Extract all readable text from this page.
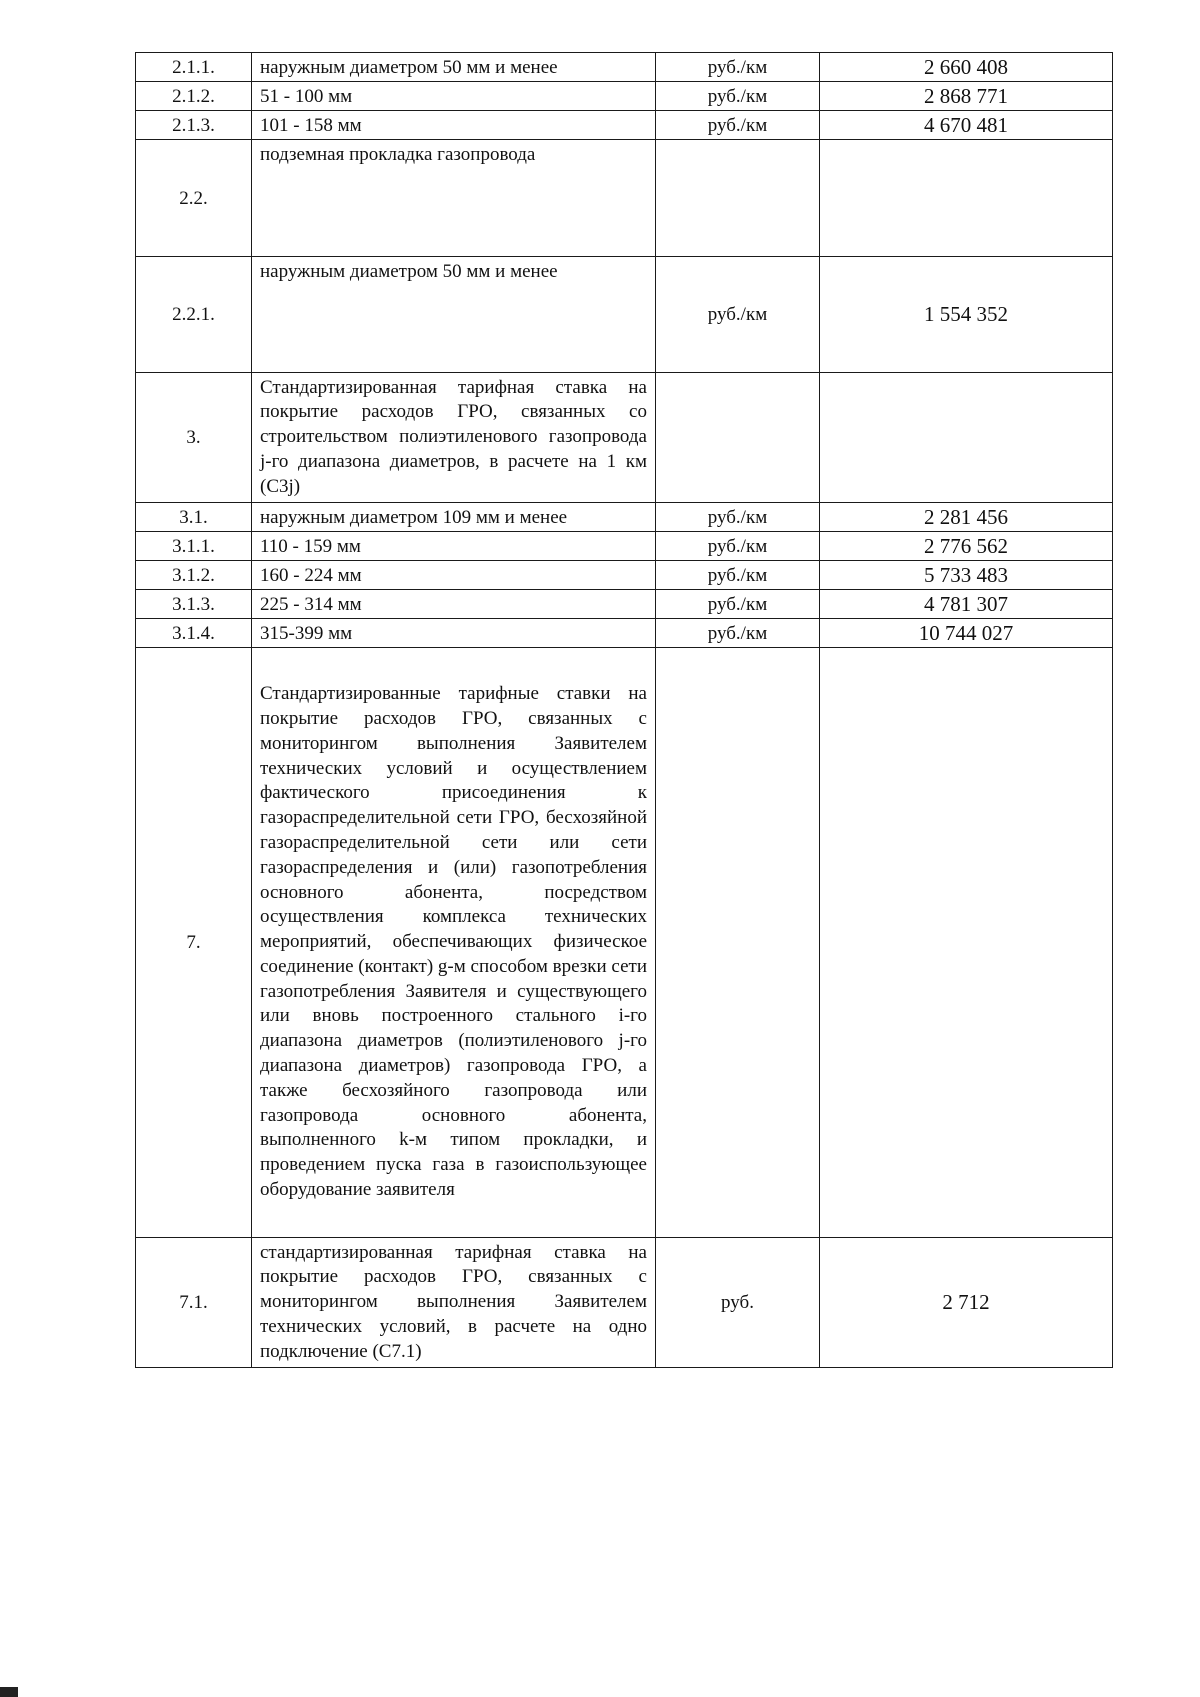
2.1.1.	наружным диаметром 50 мм и менее	руб./км	2 660 408
2.1.2.	51 - 100 мм	руб./км	2 868 771
2.1.3.	101 - 158 мм	руб./км	4 670 481
2.2.	подземная прокладка газопровода		
2.2.1.	наружным диаметром 50 мм и менее	руб./км	1 554 352
3.	Стандартизированная тарифная ставка на покрытие расходов ГРО, связанных со строительством полиэтиленового газопровода j-го диапазона диаметров, в расчете на 1 км (С3j)		
3.1.	наружным диаметром 109 мм и менее	руб./км	2 281 456
3.1.1.	110 - 159 мм	руб./км	2 776 562
3.1.2.	160 - 224 мм	руб./км	5 733 483
3.1.3.	225 - 314 мм	руб./км	4 781 307
3.1.4.	315-399 мм	руб./км	10 744 027
7.	Стандартизированные тарифные ставки на покрытие расходов ГРО, связанных с мониторингом выполнения Заявителем технических условий и осуществлением фактического присоединения к газораспределительной сети ГРО, бесхозяйной газораспределительной сети или сети газораспределения и (или) газопотребления основного абонента, посредством осуществления комплекса технических мероприятий, обеспечивающих физическое соединение (контакт) g-м способом врезки сети газопотребления Заявителя и существующего или вновь построенного стального i-го диапазона диаметров (полиэтиленового j-го диапазона диаметров) газопровода ГРО, а также бесхозяйного газопровода или газопровода основного абонента, выполненного k-м типом прокладки, и проведением пуска газа в газоиспользующее оборудование заявителя		
7.1.	стандартизированная тарифная ставка на покрытие расходов ГРО, связанных с мониторингом выполнения Заявителем технических условий, в расчете на одно подключение (С7.1)	руб.	2 712
